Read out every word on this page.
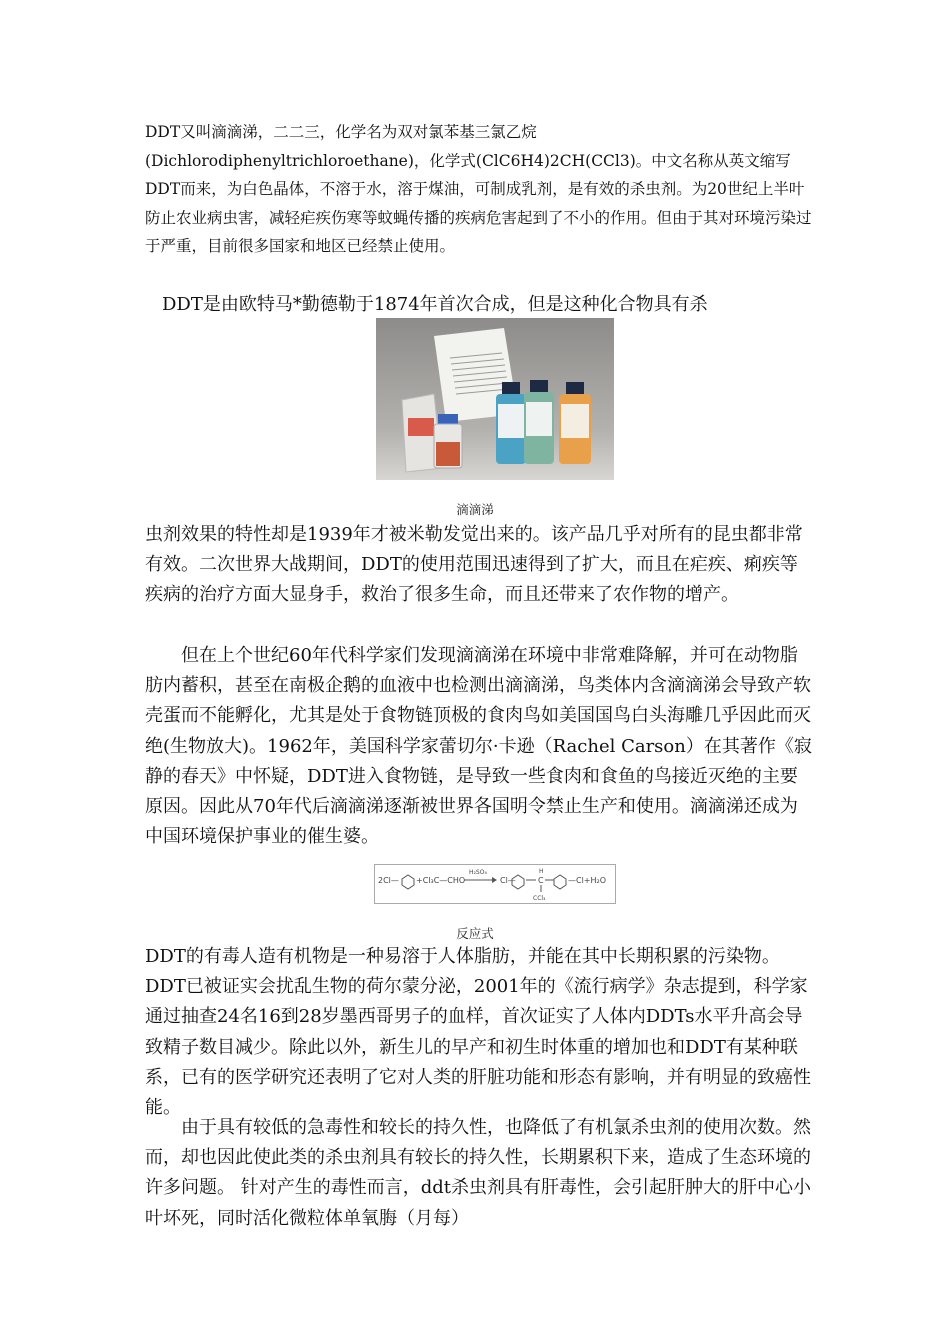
DDT又叫滴滴涕，二二三，化学名为双对氯苯基三氯乙烷(Dichlorodiphenyltrichloroethane)，化学式(ClC6H4)2CH(CCl3)。中文名称从英文缩写DDT而来，为白色晶体，不溶于水，溶于煤油，可制成乳剂，是有效的杀虫剂。为20世纪上半叶防止农业病虫害，减轻疟疾伤寒等蚊蝇传播的疾病危害起到了不小的作用。但由于其对环境污染过于严重，目前很多国家和地区已经禁止使用。

DDT是由欧特马*勤德勒于1874年首次合成，但是这种化合物具有杀

滴滴涕

虫剂效果的特性却是1939年才被米勒发觉出来的。该产品几乎对所有的昆虫都非常有效。二次世界大战期间，DDT的使用范围迅速得到了扩大，而且在疟疾、痢疾等疾病的治疗方面大显身手，救治了很多生命，而且还带来了农作物的增产。

但在上个世纪60年代科学家们发现滴滴涕在环境中非常难降解，并可在动物脂肪内蓄积，甚至在南极企鹅的血液中也检测出滴滴涕，鸟类体内含滴滴涕会导致产软壳蛋而不能孵化，尤其是处于食物链顶极的食肉鸟如美国国鸟白头海雕几乎因此而灭绝(生物放大)。1962年，美国科学家蕾切尔·卡逊（Rachel Carson）在其著作《寂静的春天》中怀疑，DDT进入食物链，是导致一些食肉和食鱼的鸟接近灭绝的主要原因。因此从70年代后滴滴涕逐渐被世界各国明令禁止生产和使用。滴滴涕还成为中国环境保护事业的催生婆。

2Cl— +Cl₃C—CHO
H₂SO₄
Cl—
H
C
CCl₃
—Cl+H₂O
反应式

DDT的有毒人造有机物是一种易溶于人体脂肪，并能在其中长期积累的污染物。DDT已被证实会扰乱生物的荷尔蒙分泌，2001年的《流行病学》杂志提到，科学家通过抽查24名16到28岁墨西哥男子的血样，首次证实了人体内DDTs水平升高会导致精子数目减少。除此以外，新生儿的早产和初生时体重的增加也和DDT有某种联系，已有的医学研究还表明了它对人类的肝脏功能和形态有影响，并有明显的致癌性能。

由于具有较低的急毒性和较长的持久性，也降低了有机氯杀虫剂的使用次数。然而，却也因此使此类的杀虫剂具有较长的持久性，长期累积下来，造成了生态环境的许多问题。 针对产生的毒性而言，ddt杀虫剂具有肝毒性，会引起肝肿大的肝中心小叶坏死，同时活化微粒体单氧脢（月每）
